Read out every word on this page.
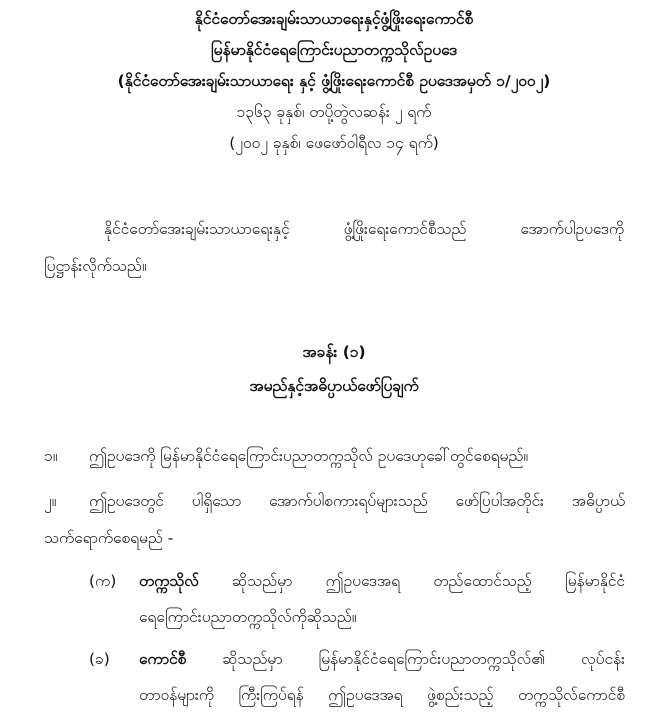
နိုင်ငံတော်အေးချမ်းသာယာရေးနှင့်ဖွံ့ဖြိုးရေးကောင်စီ
မြန်မာနိုင်ငံရေကြောင်းပညာတက္ကသိုလ်ဥပဒေ
(နိုင်ငံတော်အေးချမ်းသာယာရေး နှင့် ဖွံ့ဖြိုးရေးကောင်စီ ဥပဒေအမှတ် ၁/၂၀၀၂)
၁၃၆၃ ခုနှစ်၊ တပို့တွဲလဆန်း ၂ ရက်
(၂၀၀၂ ခုနှစ်၊ ဖေဖော်ဝါရီလ ၁၄ ရက်)
နိုင်ငံတော်အေးချမ်းသာယာရေးနှင့် ဖွံ့ဖြိုးရေးကောင်စီသည် အောက်ပါဥပဒေကို
ပြဋ္ဌာန်းလိုက်သည်။
အခန်း (၁)
အမည်နှင့်အဓိပ္ပာယ်ဖော်ပြချက်
၁။ ဤဥပဒေကို မြန်မာနိုင်ငံရေကြောင်းပညာတက္ကသိုလ် ဥပဒေဟုခေါ်တွင်စေရမည်။
၂။ ဤဥပဒေတွင် ပါရှိသော အောက်ပါစကားရပ်များသည် ဖော်ပြပါအတိုင်း အဓိပ္ပာယ်
သက်ရောက်စေရမည် -
(က) တက္ကသိုလ် ဆိုသည်မှာ ဤဥပဒေအရ တည်ထောင်သည့် မြန်မာနိုင်ငံ
ရေကြောင်းပညာတက္ကသိုလ်ကိုဆိုသည်။
(ခ) ကောင်စီ ဆိုသည်မှာ မြန်မာနိုင်ငံရေကြောင်းပညာတက္ကသိုလ်၏ လုပ်ငန်း
တာဝန်များကို ကြီးကြပ်ရန် ဤဥပဒေအရ ဖွဲ့စည်းသည့် တက္ကသိုလ်ကောင်စီ
